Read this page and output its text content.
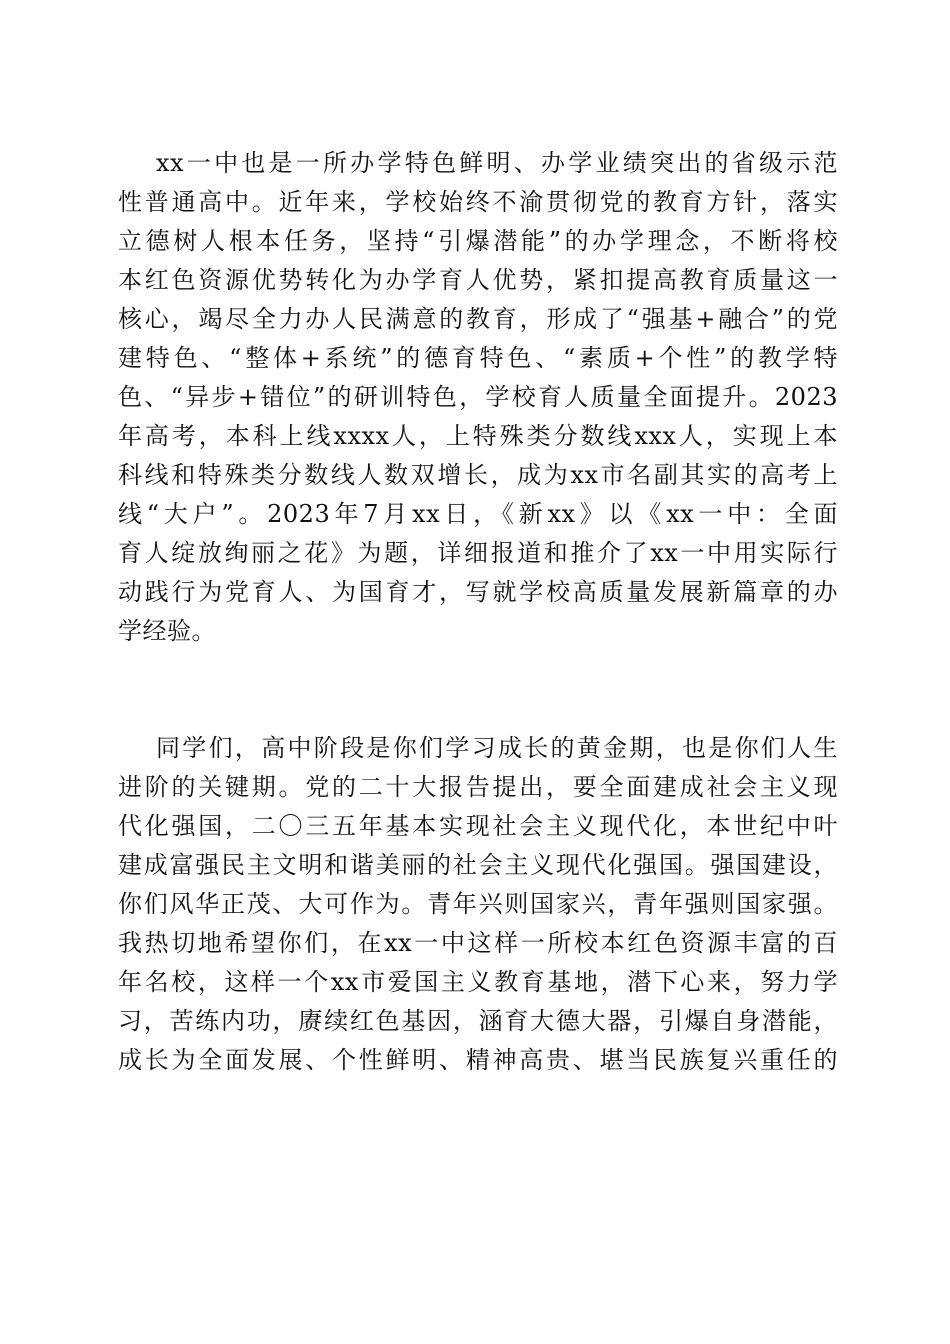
xx一中也是一所办学特色鲜明、办学业绩突出的省级示范
性普通高中。近年来，学校始终不渝贯彻党的教育方针，落实
立德树人根本任务，坚持“引爆潜能”的办学理念，不断将校
本红色资源优势转化为办学育人优势，紧扣提高教育质量这一
核心，竭尽全力办人民满意的教育，形成了“强基+融合”的党
建特色、“整体+系统”的德育特色、“素质+个性”的教学特
色、“异步+错位”的研训特色，学校育人质量全面提升。2023
年高考，本科上线xxxx人，上特殊类分数线xxx人，实现上本
科线和特殊类分数线人数双增长，成为xx市名副其实的高考上
线“大户”。2023年7月xx日，《新xx》以《xx一中：全面
育人绽放绚丽之花》为题，详细报道和推介了xx一中用实际行
动践行为党育人、为国育才，写就学校高质量发展新篇章的办
学经验。
同学们，高中阶段是你们学习成长的黄金期，也是你们人生
进阶的关键期。党的二十大报告提出，要全面建成社会主义现
代化强国，二〇三五年基本实现社会主义现代化，本世纪中叶
建成富强民主文明和谐美丽的社会主义现代化强国。强国建设，
你们风华正茂、大可作为。青年兴则国家兴，青年强则国家强。
我热切地希望你们，在xx一中这样一所校本红色资源丰富的百
年名校，这样一个xx市爱国主义教育基地，潜下心来，努力学
习，苦练内功，赓续红色基因，涵育大德大器，引爆自身潜能，
成长为全面发展、个性鲜明、精神高贵、堪当民族复兴重任的
